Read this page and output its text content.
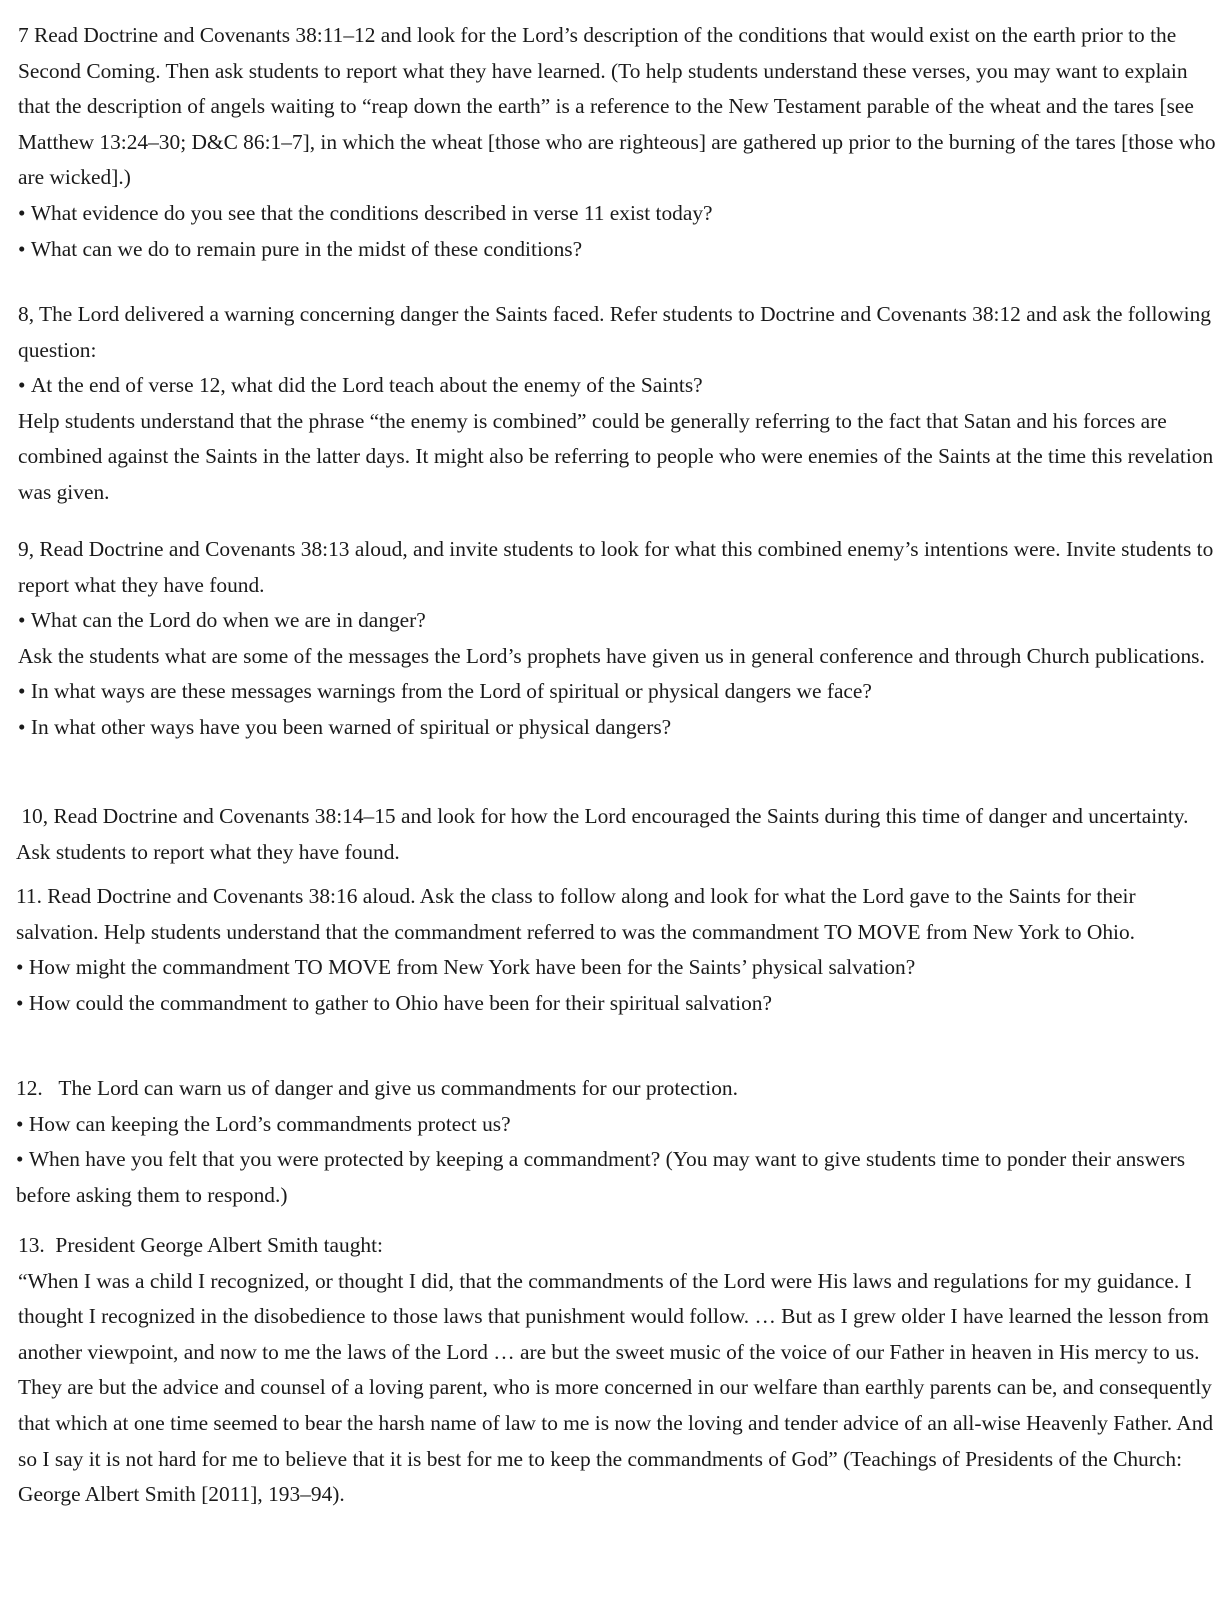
7 Read Doctrine and Covenants 38:11–12 and look for the Lord’s description of the conditions that would exist on the earth prior to the Second Coming. Then ask students to report what they have learned. (To help students understand these verses, you may want to explain that the description of angels waiting to “reap down the earth” is a reference to the New Testament parable of the wheat and the tares [see Matthew 13:24–30; D&C 86:1–7], in which the wheat [those who are righteous] are gathered up prior to the burning of the tares [those who are wicked].)

• What evidence do you see that the conditions described in verse 11 exist today?

• What can we do to remain pure in the midst of these conditions?

8, The Lord delivered a warning concerning danger the Saints faced. Refer students to Doctrine and Covenants 38:12 and ask the following question:

• At the end of verse 12, what did the Lord teach about the enemy of the Saints?

Help students understand that the phrase “the enemy is combined” could be generally referring to the fact that Satan and his forces are combined against the Saints in the latter days. It might also be referring to people who were enemies of the Saints at the time this revelation was given.

9, Read Doctrine and Covenants 38:13 aloud, and invite students to look for what this combined enemy’s intentions were. Invite students to report what they have found.

• What can the Lord do when we are in danger?

Ask the students what are some of the messages the Lord’s prophets have given us in general conference and through Church publications.

• In what ways are these messages warnings from the Lord of spiritual or physical dangers we face?

• In what other ways have you been warned of spiritual or physical dangers?

10, Read Doctrine and Covenants 38:14–15 and look for how the Lord encouraged the Saints during this time of danger and uncertainty. Ask students to report what they have found.

11. Read Doctrine and Covenants 38:16 aloud. Ask the class to follow along and look for what the Lord gave to the Saints for their salvation. Help students understand that the commandment referred to was the commandment TO MOVE from New York to Ohio.

• How might the commandment TO MOVE from New York have been for the Saints’ physical salvation?

• How could the commandment to gather to Ohio have been for their spiritual salvation?

12.   The Lord can warn us of danger and give us commandments for our protection.

• How can keeping the Lord’s commandments protect us?

• When have you felt that you were protected by keeping a commandment? (You may want to give students time to ponder their answers before asking them to respond.)

13.  President George Albert Smith taught:

“When I was a child I recognized, or thought I did, that the commandments of the Lord were His laws and regulations for my guidance. I thought I recognized in the disobedience to those laws that punishment would follow. … But as I grew older I have learned the lesson from another viewpoint, and now to me the laws of the Lord … are but the sweet music of the voice of our Father in heaven in His mercy to us. They are but the advice and counsel of a loving parent, who is more concerned in our welfare than earthly parents can be, and consequently that which at one time seemed to bear the harsh name of law to me is now the loving and tender advice of an all-wise Heavenly Father. And so I say it is not hard for me to believe that it is best for me to keep the commandments of God” (Teachings of Presidents of the Church: George Albert Smith [2011], 193–94).
